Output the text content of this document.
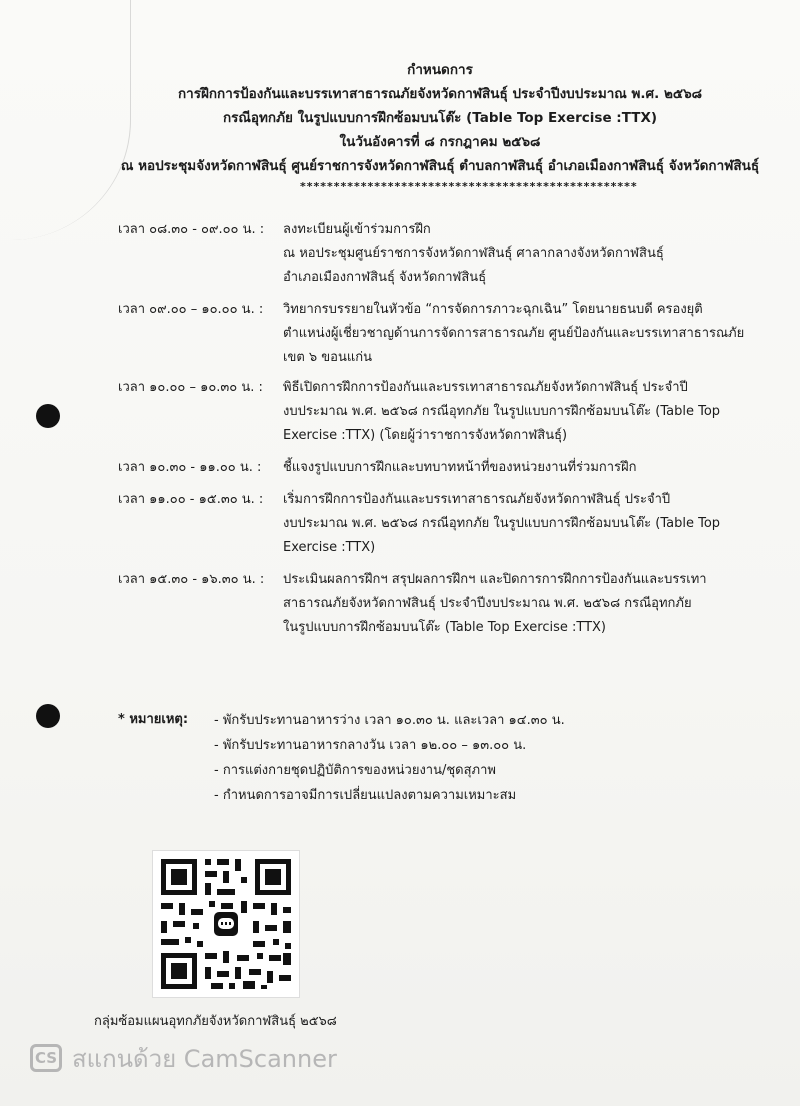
กำหนดการ
การฝึกการป้องกันและบรรเทาสาธารณภัยจังหวัดกาฬสินธุ์ ประจำปีงบประมาณ พ.ศ. ๒๕๖๘
กรณีอุทกภัย ในรูปแบบการฝึกซ้อมบนโต๊ะ (Table Top Exercise :TTX)
ในวันอังคารที่ ๘ กรกฎาคม ๒๕๖๘
ณ หอประชุมจังหวัดกาฬสินธุ์ ศูนย์ราชการจังหวัดกาฬสินธุ์ ตำบลกาฬสินธุ์ อำเภอเมืองกาฬสินธุ์ จังหวัดกาฬสินธุ์
**************************************************
เวลา ๐๘.๓๐ - ๐๙.๐๐ น. :	ลงทะเบียนผู้เข้าร่วมการฝึก
ณ หอประชุมศูนย์ราชการจังหวัดกาฬสินธุ์ ศาลากลางจังหวัดกาฬสินธุ์
อำเภอเมืองกาฬสินธุ์ จังหวัดกาฬสินธุ์
เวลา ๐๙.๐๐ – ๑๐.๐๐ น. :	วิทยากรบรรยายในหัวข้อ “การจัดการภาวะฉุกเฉิน” โดยนายธนบดี ครองยุติ
ตำแหน่งผู้เชี่ยวชาญด้านการจัดการสาธารณภัย ศูนย์ป้องกันและบรรเทาสาธารณภัย
เขต ๖ ขอนแก่น
เวลา ๑๐.๐๐ – ๑๐.๓๐ น. :	พิธีเปิดการฝึกการป้องกันและบรรเทาสาธารณภัยจังหวัดกาฬสินธุ์ ประจำปี
งบประมาณ พ.ศ. ๒๕๖๘ กรณีอุทกภัย ในรูปแบบการฝึกซ้อมบนโต๊ะ (Table Top
Exercise :TTX) (โดยผู้ว่าราชการจังหวัดกาฬสินธุ์)
เวลา ๑๐.๓๐ - ๑๑.๐๐ น. :	ชี้แจงรูปแบบการฝึกและบทบาทหน้าที่ของหน่วยงานที่ร่วมการฝึก
เวลา ๑๑.๐๐ - ๑๕.๓๐ น. :	เริ่มการฝึกการป้องกันและบรรเทาสาธารณภัยจังหวัดกาฬสินธุ์ ประจำปี
งบประมาณ พ.ศ. ๒๕๖๘ กรณีอุทกภัย ในรูปแบบการฝึกซ้อมบนโต๊ะ (Table Top
Exercise :TTX)
เวลา ๑๕.๓๐ - ๑๖.๓๐ น. :	ประเมินผลการฝึกฯ สรุปผลการฝึกฯ และปิดการการฝึกการป้องกันและบรรเทา
สาธารณภัยจังหวัดกาฬสินธุ์ ประจำปีงบประมาณ พ.ศ. ๒๕๖๘ กรณีอุทกภัย
ในรูปแบบการฝึกซ้อมบนโต๊ะ (Table Top Exercise :TTX)
* หมายเหตุ: - พักรับประทานอาหารว่าง เวลา ๑๐.๓๐ น. และเวลา ๑๔.๓๐ น.
- พักรับประทานอาหารกลางวัน เวลา ๑๒.๐๐ – ๑๓.๐๐ น.
- การแต่งกายชุดปฏิบัติการของหน่วยงาน/ชุดสุภาพ
- กำหนดการอาจมีการเปลี่ยนแปลงตามความเหมาะสม
กลุ่มซ้อมแผนอุทกภัยจังหวัดกาฬสินธุ์ ๒๕๖๘
CS สแกนด้วย CamScanner
